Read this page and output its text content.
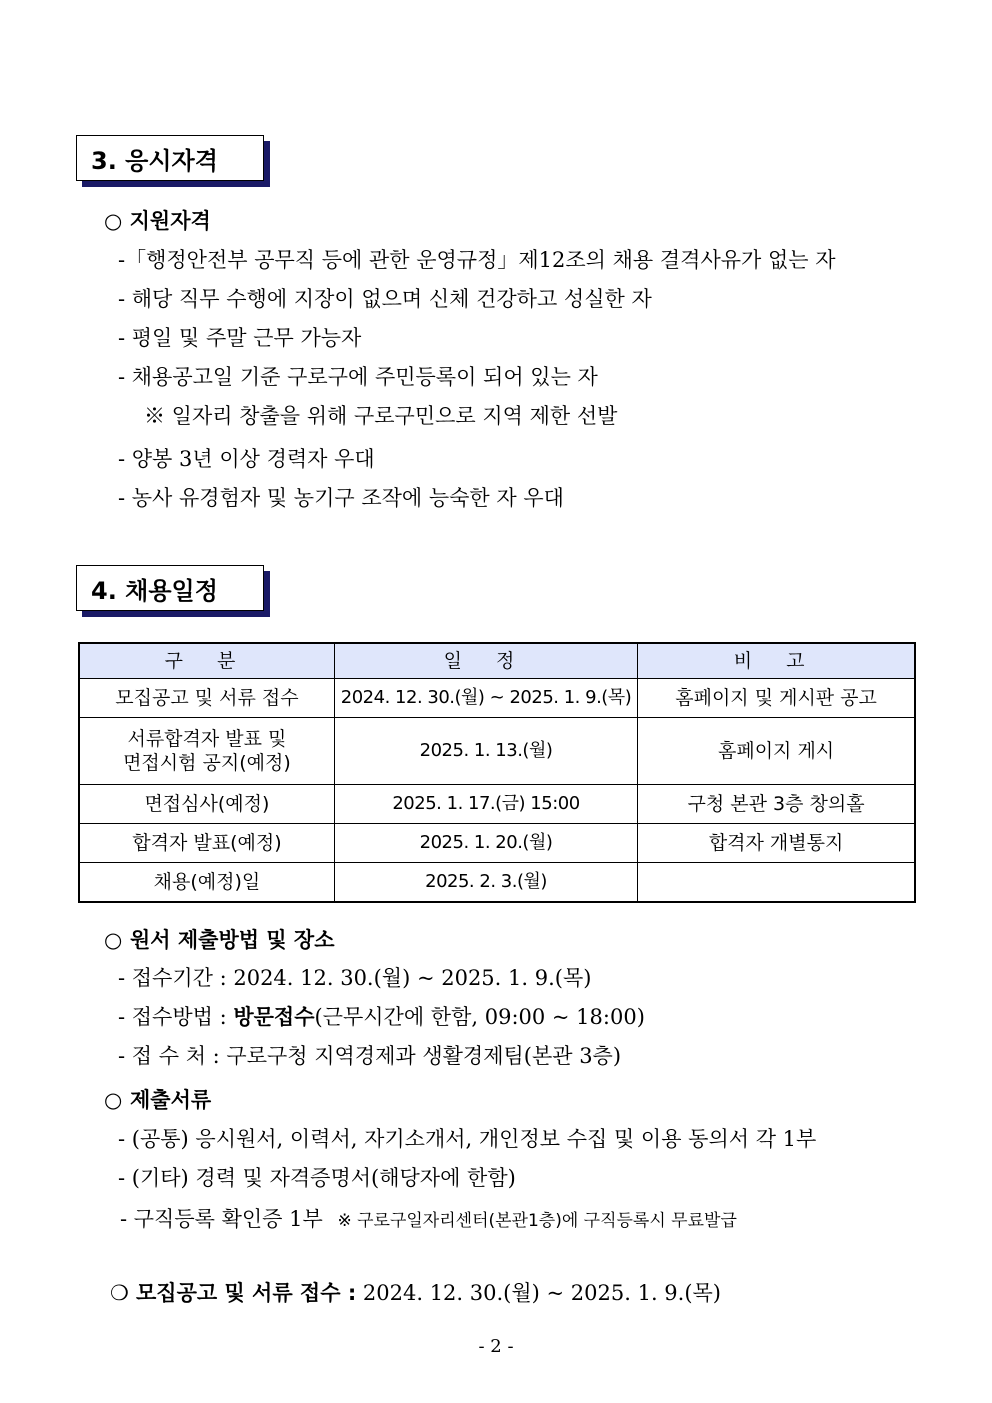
3. 응시자격
○ 지원자격
-「행정안전부 공무직 등에 관한 운영규정」제12조의 채용 결격사유가 없는 자
- 해당 직무 수행에 지장이 없으며 신체 건강하고 성실한 자
- 평일 및 주말 근무 가능자
- 채용공고일 기준 구로구에 주민등록이 되어 있는 자
※ 일자리 창출을 위해 구로구민으로 지역 제한 선발
- 양봉 3년 이상 경력자 우대
- 농사 유경험자 및 농기구 조작에 능숙한 자 우대
4. 채용일정
구 분	일 정	비 고
모집공고 및 서류 접수	2024. 12. 30.(월) ~ 2025. 1. 9.(목)	홈페이지 및 게시판 공고

서류합격자 발표 및
면접시험 공지(예정)	2025. 1. 13.(월)	홈페이지 게시
면접심사(예정)	2025. 1. 17.(금) 15:00	구청 본관 3층 창의홀
합격자 발표(예정)	2025. 1. 20.(월)	합격자 개별통지
채용(예정)일	2025. 2. 3.(월)	
○ 원서 제출방법 및 장소
- 접수기간 : 2024. 12. 30.(월) ~ 2025. 1. 9.(목)
- 접수방법 : 방문접수(근무시간에 한함, 09:00 ~ 18:00)
- 접 수 처 : 구로구청 지역경제과 생활경제팀(본관 3층)
○ 제출서류
- (공통) 응시원서, 이력서, 자기소개서, 개인정보 수집 및 이용 동의서 각 1부
- (기타) 경력 및 자격증명서(해당자에 한함)
- 구직등록 확인증 1부 ※ 구로구일자리센터(본관1층)에 구직등록시 무료발급
❍ 모집공고 및 서류 접수 : 2024. 12. 30.(월) ~ 2025. 1. 9.(목)
- 2 -
